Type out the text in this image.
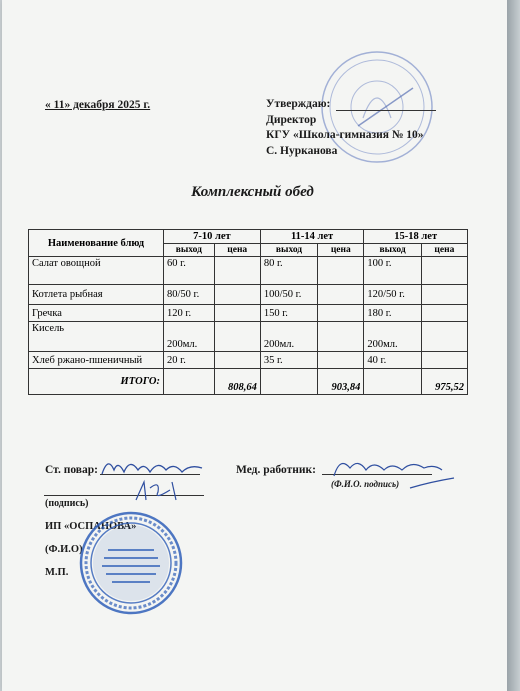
« 11» декабря 2025 г.	Утверждаю:
Директор
КГУ «Школа-гимназия № 10»
С. Нурканова
Комплексный обед
Наименование блюд	7-10 лет		11-14 лет		15-18 лет	
	выход	цена	выход	цена	выход	цена
Салат овощной	60 г.		80 г.		100 г.	
Котлета рыбная	80/50 г.		100/50 г.		120/50 г.	
Гречка	120 г.		150 г.		180 г.	
Кисель	200мл.		200мл.		200мл.	
Хлеб ржано-пшеничный	20 г.		35 г.		40 г.	
ИТОГО:		808,64		903,84		975,52
Ст. повар:	Мед. работник:
(Ф.И.О. подпись)
(подпись)
ИП «ОСПАНОВА»
(Ф.И.О)
М.П.
